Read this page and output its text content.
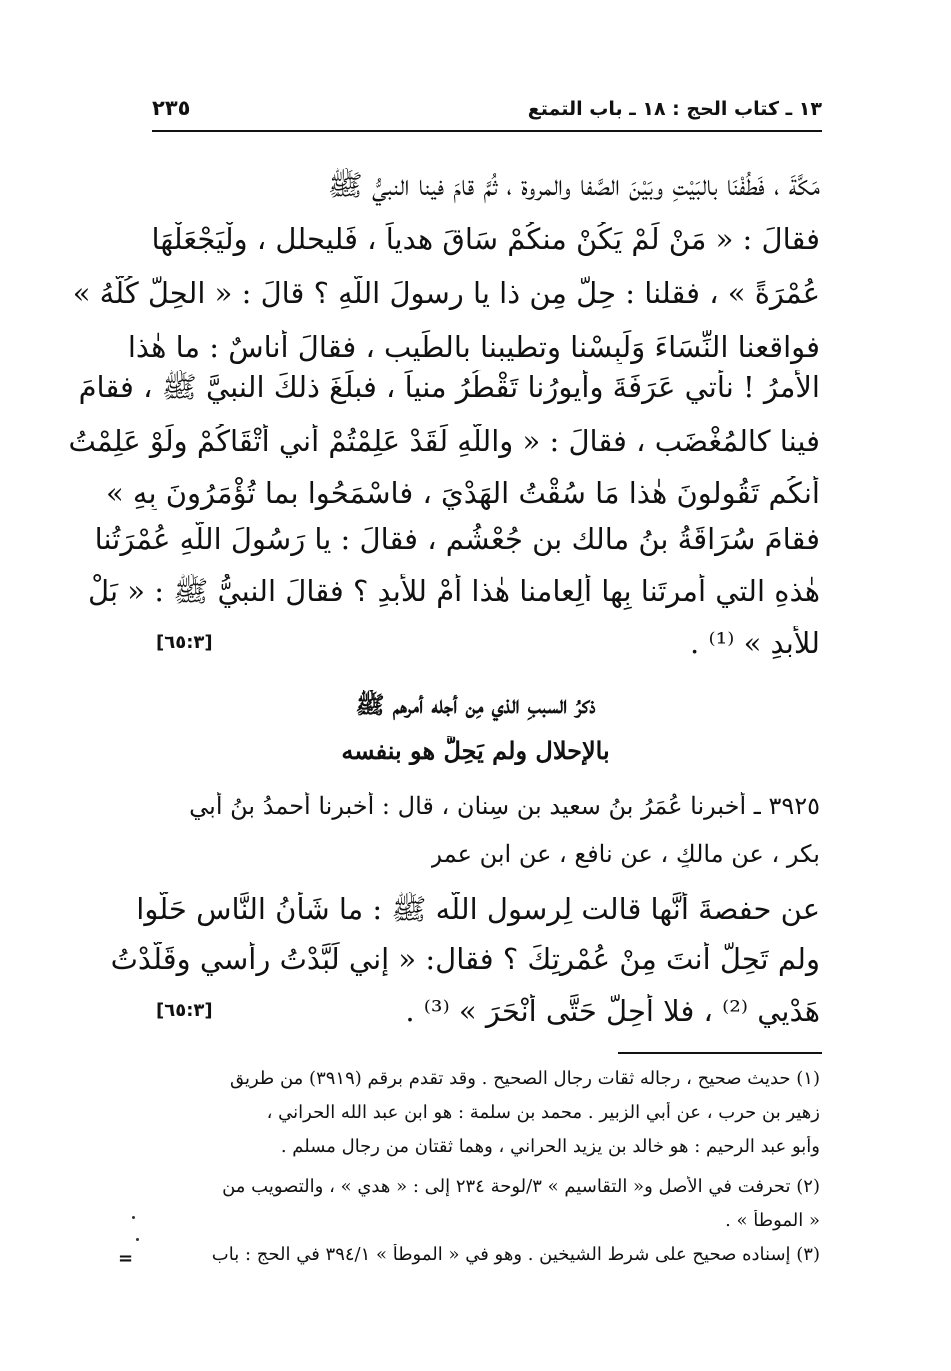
١٣ ـ كتاب الحج : ١٨ ـ باب التمتع
٢٣٥
مَكَّةَ ، فَطُفْنَا بالبَيْتِ وبَيْنَ الصَّفا والمروة ، ثُمَّ قامَ فينا النبيُّ ﷺ
فقالَ : « مَنْ لَمْ يَكُنْ منكُمْ سَاقَ هدياً ، فَليحلل ، ولْيَجْعَلْهَا
عُمْرَةً » ، فقلنا : حِلٌّ مِن ذا يا رسولَ اللَّهِ ؟ قالَ : « الحِلُّ كُلُّهُ »
فواقعنا النِّسَاءَ وَلَبِسْنا وتطيبنا بالطِّيب ، فقالَ أناسٌ : ما هٰذا
الأمرُ ! نأتي عَرَفَةَ وأيورُنا تَقْطُرُ منياً ، فبلَغَ ذلكَ النبيَّ ﷺ ، فقامَ
فينا كالمُغْضَب ، فقالَ : « واللَّهِ لَقَدْ عَلِمْتُمْ أني أتْقَاكُمْ ولَوْ عَلِمْتُ
أنكُم تَقُولونَ هٰذا مَا سُقْتُ الهَدْيَ ، فاسْمَحُوا بما تُؤْمَرُونَ بِهِ »
فقامَ سُرَاقَةُ بنُ مالك بن جُعْشُم ، فقالَ : يا رَسُولَ اللَّهِ عُمْرَتُنا
هٰذهِ التي أمرتَنا بِها ألِعامنا هٰذا أمْ للأبدِ ؟ فقالَ النبيُّ ﷺ : « بَلْ
للأبدِ » ⁽¹⁾ .
[٦٥:٣]
ذكرُ السببِ الذي مِن أجله أمرهم ﷺ
بالإحلال ولم يَحِلَّ هو بنفسه
٣٩٢٥ ـ أخبرنا عُمَرُ بنُ سعيد بن سِنان ، قال : أخبرنا أحمدُ بنُ أبي
بكرٍ ، عن مالكٍ ، عن نافعٍ ، عن ابن عمر
عن حفصةَ أنَّها قالت لِرسول اللَّه ﷺ : ما شَأْنُ النَّاس حَلُّوا
ولم تَحِلَّ أنتَ مِنْ عُمْرتِكَ ؟ فقال: « إني لَبَّدْتُ رأسي وقَلَّدْتُ
هَدْيي ⁽²⁾ ، فلا أحِلُّ حَتَّى أَنْحَرَ » ⁽³⁾ .
[٦٥:٣]
(١) حديث صحيح ، رجاله ثقات رجال الصحيح . وقد تقدم برقم (٣٩١٩) من طريق
زهير بن حرب ، عن أبي الزبير . محمد بن سلمة : هو ابن عبد الله الحراني ،
وأبو عبد الرحيم : هو خالد بن يزيد الحراني ، وهما ثقتان من رجال مسلم .
(٢) تحرفت في الأصل و« التقاسيم » ٣/لوحة ٢٣٤ إلى : « هدي » ، والتصويب من
« الموطأ » .
(٣) إسناده صحيح على شرط الشيخين . وهو في « الموطأ » ٣٩٤/١ في الحج : باب
=
